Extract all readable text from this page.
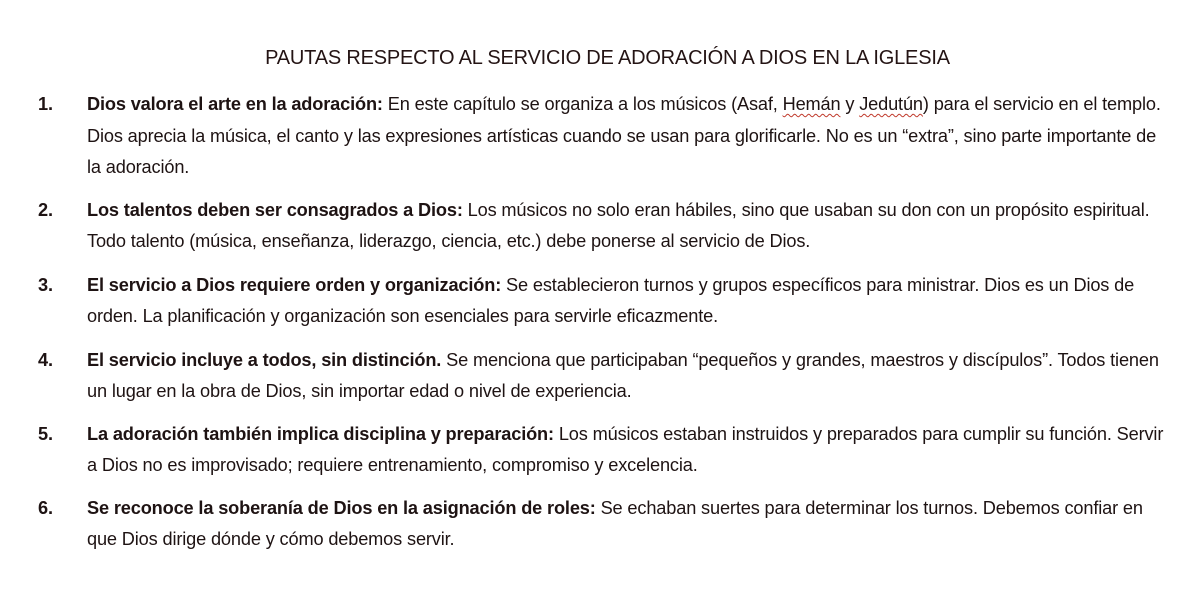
PAUTAS RESPECTO AL SERVICIO DE ADORACIÓN A DIOS EN LA IGLESIA
1. Dios valora el arte en la adoración: En este capítulo se organiza a los músicos (Asaf, Hemán y Jedutún) para el servicio en el templo. Dios aprecia la música, el canto y las expresiones artísticas cuando se usan para glorificarle. No es un “extra”, sino parte importante de la adoración.
2. Los talentos deben ser consagrados a Dios: Los músicos no solo eran hábiles, sino que usaban su don con un propósito espiritual. Todo talento (música, enseñanza, liderazgo, ciencia, etc.) debe ponerse al servicio de Dios.
3. El servicio a Dios requiere orden y organización: Se establecieron turnos y grupos específicos para ministrar. Dios es un Dios de orden. La planificación y organización son esenciales para servirle eficazmente.
4. El servicio incluye a todos, sin distinción. Se menciona que participaban “pequeños y grandes, maestros y discípulos”. Todos tienen un lugar en la obra de Dios, sin importar edad o nivel de experiencia.
5. La adoración también implica disciplina y preparación: Los músicos estaban instruidos y preparados para cumplir su función. Servir a Dios no es improvisado; requiere entrenamiento, compromiso y excelencia.
6. Se reconoce la soberanía de Dios en la asignación de roles: Se echaban suertes para determinar los turnos. Debemos confiar en que Dios dirige dónde y cómo debemos servir.
